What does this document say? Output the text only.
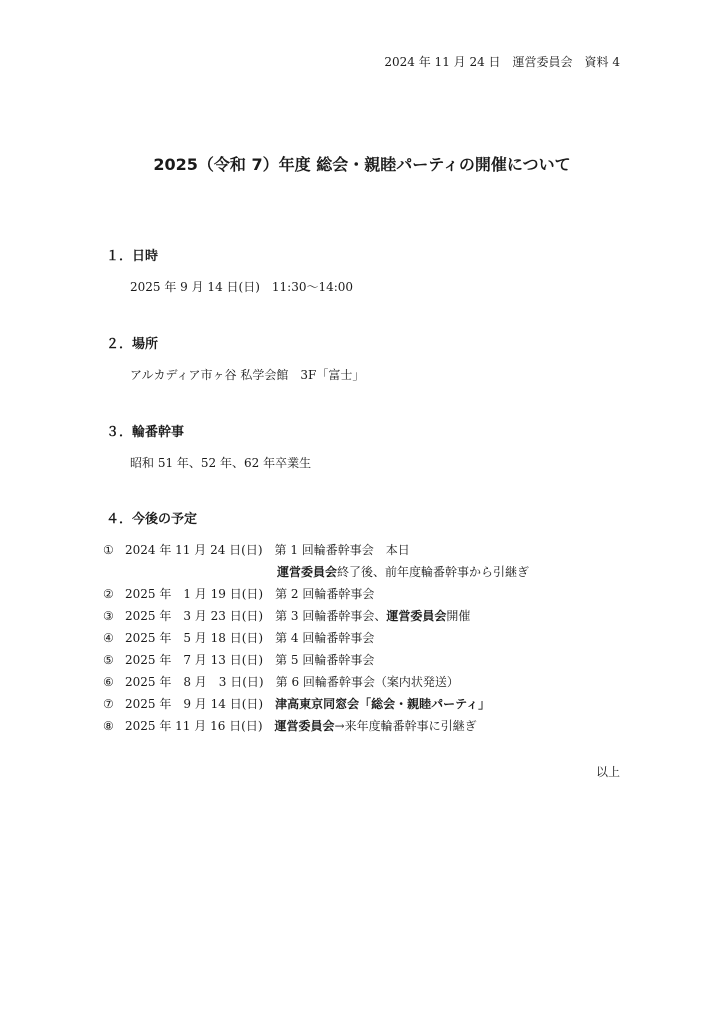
2024 年 11 月 24 日　運営委員会　資料 4
2025（令和 7）年度 総会・親睦パーティの開催について
１．日時
2025 年 9 月 14 日(日)　11:30〜14:00
２．場所
アルカディア市ヶ谷 私学会館　3F「富士」
３．輪番幹事
昭和 51 年、52 年、62 年卒業生
４．今後の予定
① 2024 年 11 月 24 日(日)　 第 1 回輪番幹事会　本日
運営委員会終了後、前年度輪番幹事から引継ぎ
② 2025 年　1 月 19 日(日)　 第 2 回輪番幹事会
③ 2025 年　3 月 23 日(日)　 第 3 回輪番幹事会、運営委員会開催
④ 2025 年　5 月 18 日(日)　 第 4 回輪番幹事会
⑤ 2025 年　7 月 13 日(日)　 第 5 回輪番幹事会
⑥ 2025 年　8 月　3 日(日)　 第 6 回輪番幹事会（案内状発送）
⑦ 2025 年　9 月 14 日(日)　 津高東京同窓会「総会・親睦パーティ」
⑧ 2025 年 11 月 16 日(日)　 運営委員会→来年度輪番幹事に引継ぎ
以上
